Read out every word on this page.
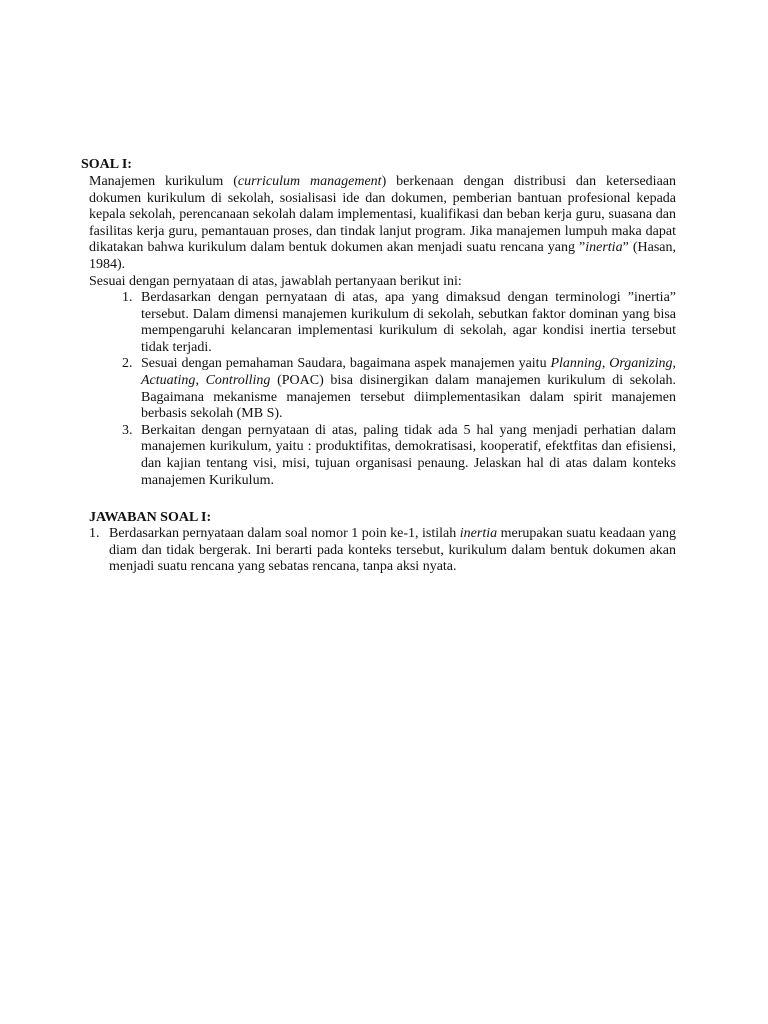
SOAL I:

Manajemen kurikulum (curriculum management) berkenaan dengan distribusi dan ketersediaan dokumen kurikulum di sekolah, sosialisasi ide dan dokumen, pemberian bantuan profesional kepada kepala sekolah, perencanaan sekolah dalam implementasi, kualifikasi dan beban kerja guru, suasana dan fasilitas kerja guru, pemantauan proses, dan tindak lanjut program. Jika manajemen lumpuh maka dapat dikatakan bahwa kurikulum dalam bentuk dokumen akan menjadi suatu rencana yang ”inertia” (Hasan, 1984).

Sesuai dengan pernyataan di atas, jawablah pertanyaan berikut ini:

1. Berdasarkan dengan pernyataan di atas, apa yang dimaksud dengan terminologi ”inertia” tersebut. Dalam dimensi manajemen kurikulum di sekolah, sebutkan faktor dominan yang bisa mempengaruhi kelancaran implementasi kurikulum di sekolah, agar kondisi inertia tersebut tidak terjadi.
2. Sesuai dengan pemahaman Saudara, bagaimana aspek manajemen yaitu Planning, Organizing, Actuating, Controlling (POAC) bisa disinergikan dalam manajemen kurikulum di sekolah. Bagaimana mekanisme manajemen tersebut diimplementasikan dalam spirit manajemen berbasis sekolah (MB S).
3. Berkaitan dengan pernyataan di atas, paling tidak ada 5 hal yang menjadi perhatian dalam manajemen kurikulum, yaitu : produktifitas, demokratisasi, kooperatif, efektfitas dan efisiensi, dan kajian tentang visi, misi, tujuan organisasi penaung. Jelaskan hal di atas dalam konteks manajemen Kurikulum.
JAWABAN SOAL I:
1. Berdasarkan pernyataan dalam soal nomor 1 poin ke-1, istilah inertia merupakan suatu keadaan yang diam dan tidak bergerak. Ini berarti pada konteks tersebut, kurikulum dalam bentuk dokumen akan menjadi suatu rencana yang sebatas rencana, tanpa aksi nyata.
